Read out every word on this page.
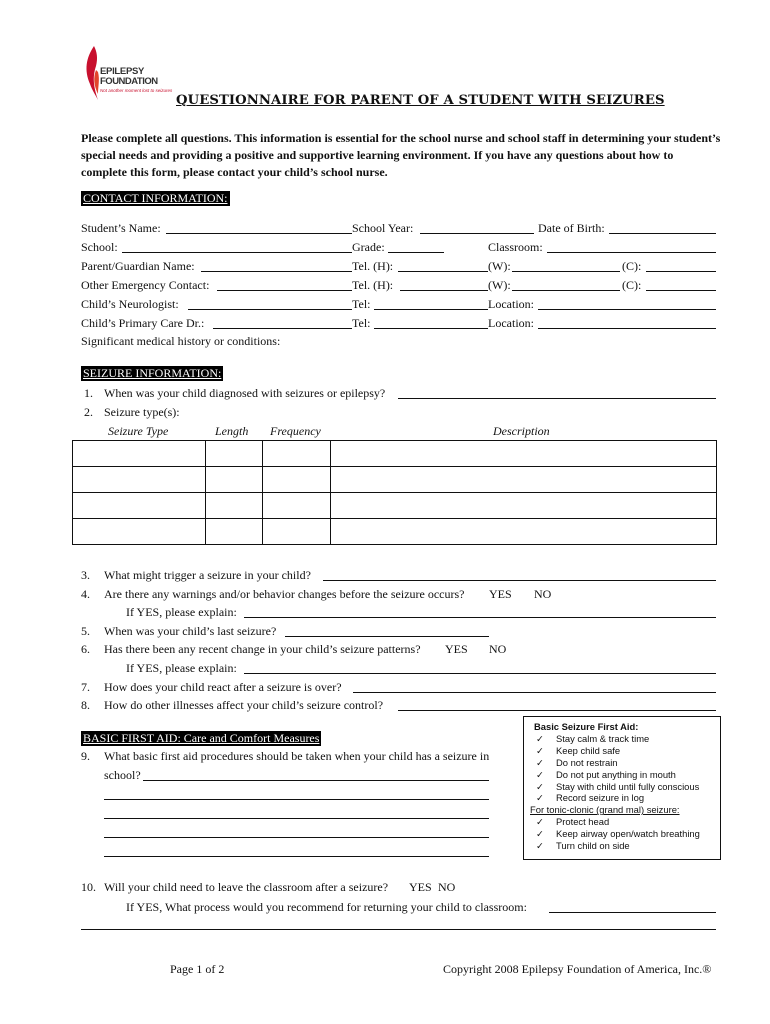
EPILEPSY
FOUNDATION
Not another moment lost to seizures
QUESTIONNAIRE FOR PARENT OF A STUDENT WITH SEIZURES
Please complete all questions. This information is essential for the school nurse and school staff in determining your student’s special needs and providing a positive and supportive learning environment. If you have any questions about how to complete this form, please contact your child’s school nurse.
CONTACT INFORMATION:
Student’s Name:	School Year:	Date of Birth:
School:	Grade:	Classroom:
Parent/Guardian Name:	Tel. (H):	(W):	(C):
Other Emergency Contact:	Tel. (H):	(W):	(C):
Child’s Neurologist:	Tel:	Location:
Child’s Primary Care Dr.:	Tel:	Location:
Significant medical history or conditions:
SEIZURE INFORMATION:
1. When was your child diagnosed with seizures or epilepsy?
2. Seizure type(s):
Seizure Type	Length Frequency	Description

3. What might trigger a seizure in your child?
4. Are there any warnings and/or behavior changes before the seizure occurs? YES NO
If YES, please explain:
5. When was your child’s last seizure?
6. Has there been any recent change in your child’s seizure patterns? YES NO
If YES, please explain:
7. How does your child react after a seizure is over?
8. How do other illnesses affect your child’s seizure control?
BASIC FIRST AID: Care and Comfort Measures
9. What basic first aid procedures should be taken when your child has a seizure in
school?
Basic Seizure First Aid:
✓ Stay calm & track time
✓ Keep child safe
✓ Do not restrain
✓ Do not put anything in mouth
✓ Stay with child until fully conscious
✓ Record seizure in log
For tonic-clonic (grand mal) seizure:
✓ Protect head
✓ Keep airway open/watch breathing
✓ Turn child on side
10. Will your child need to leave the classroom after a seizure? YES NO
If YES, What process would you recommend for returning your child to classroom:
Page 1 of 2	Copyright 2008 Epilepsy Foundation of America, Inc.®
